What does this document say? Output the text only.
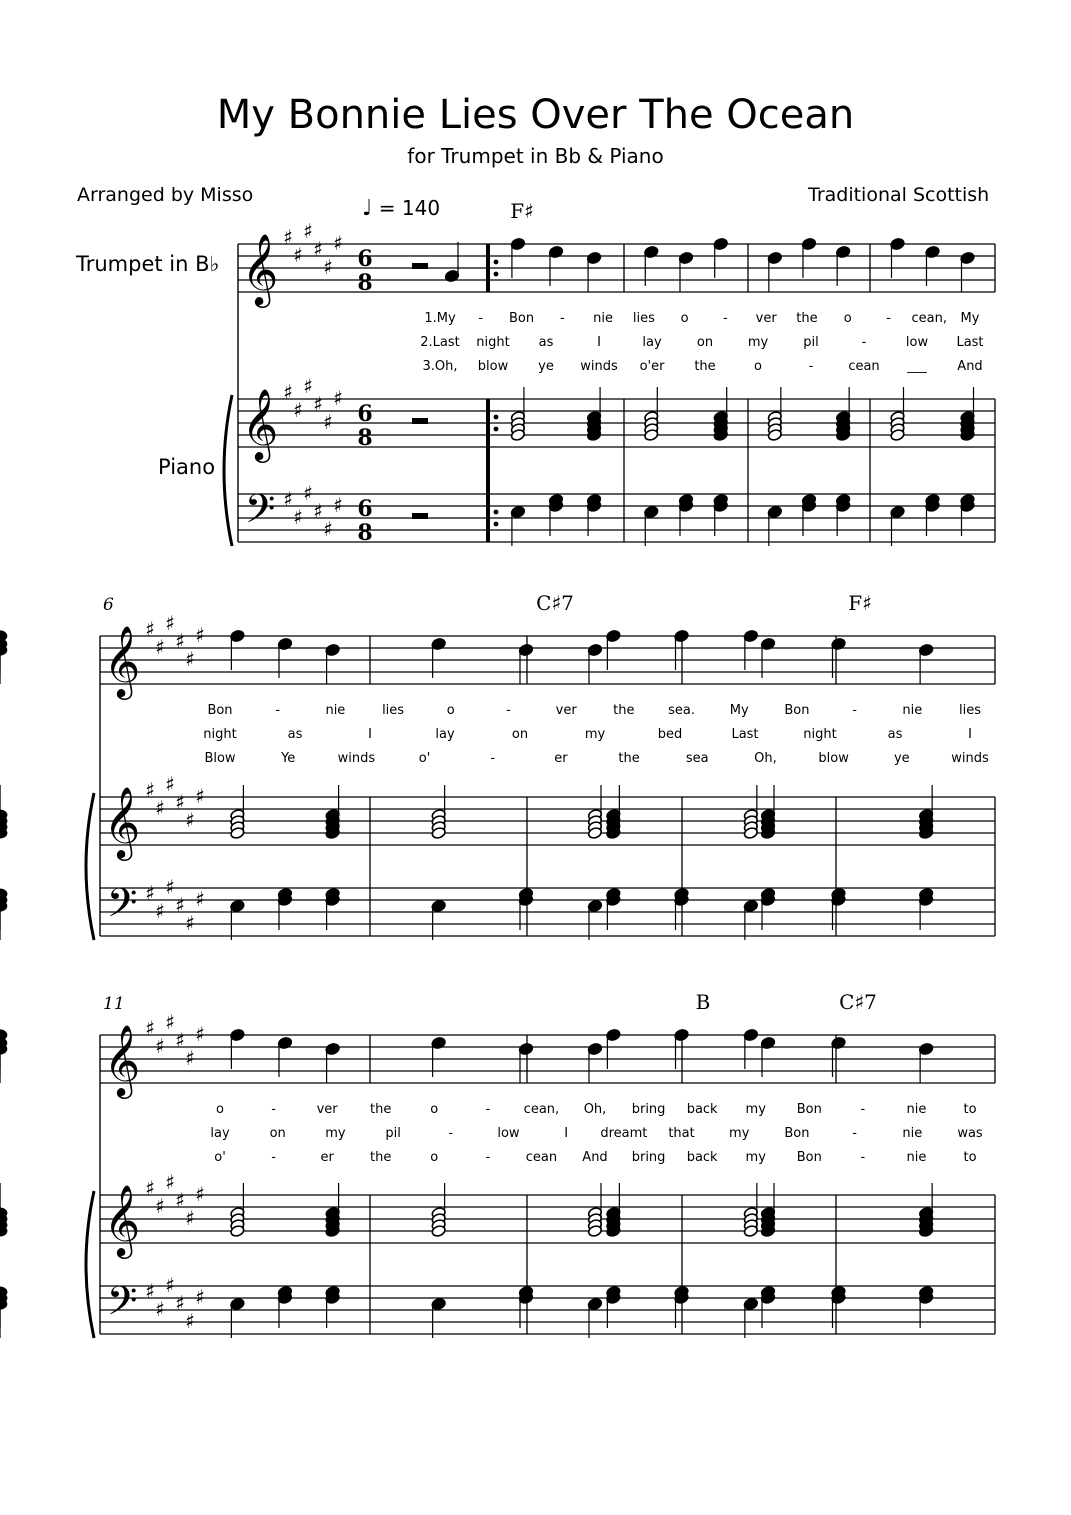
My Bonnie Lies Over The Ocean
for Trumpet in Bb & Piano
Arranged by Misso	Traditional Scottish
♩ = 140
Trumpet in B♭
Piano
𝄞
𝄞
𝄢
♯
♯
♯
♯
♯
♯
♯
♯
♯
♯
♯
♯
♯
♯
♯
♯
♯
♯
6
8
6
8
6
8
F♯
1.My - Bon - nie lies o	- ver the o	- cean, My
2.Last night as	I	lay	on	my	pil	-	low Last
3.Oh, blow ye winds o'er the	o	-	cean ___ And
𝄞
𝄞
𝄢
♯
♯
♯
♯
♯
♯
♯
♯
♯
♯
♯
♯
♯
♯
♯
♯
♯
♯
6	C♯7	F♯
Bon	-	nie	lies	o	-	ver	the	sea.	My	Bon	-	nie	lies
night	as	I	lay	on	my	bed	Last	night	as	I
Blow	Ye	winds	o'	-	er	the	sea	Oh,	blow	ye	winds
𝄞
𝄞
𝄢
♯
♯
♯
♯
♯
♯
♯
♯
♯
♯
♯
♯
♯
♯
♯
♯
♯
♯
11	B	C♯7
o	-	ver the	o	-	cean, Oh, bring back my Bon	-	nie	to
lay	on	my	pil	-	low	I dreamt that	my	Bon	-	nie	was
o'	-	er	the	o	-	cean And bring back my Bon	-	nie	to
